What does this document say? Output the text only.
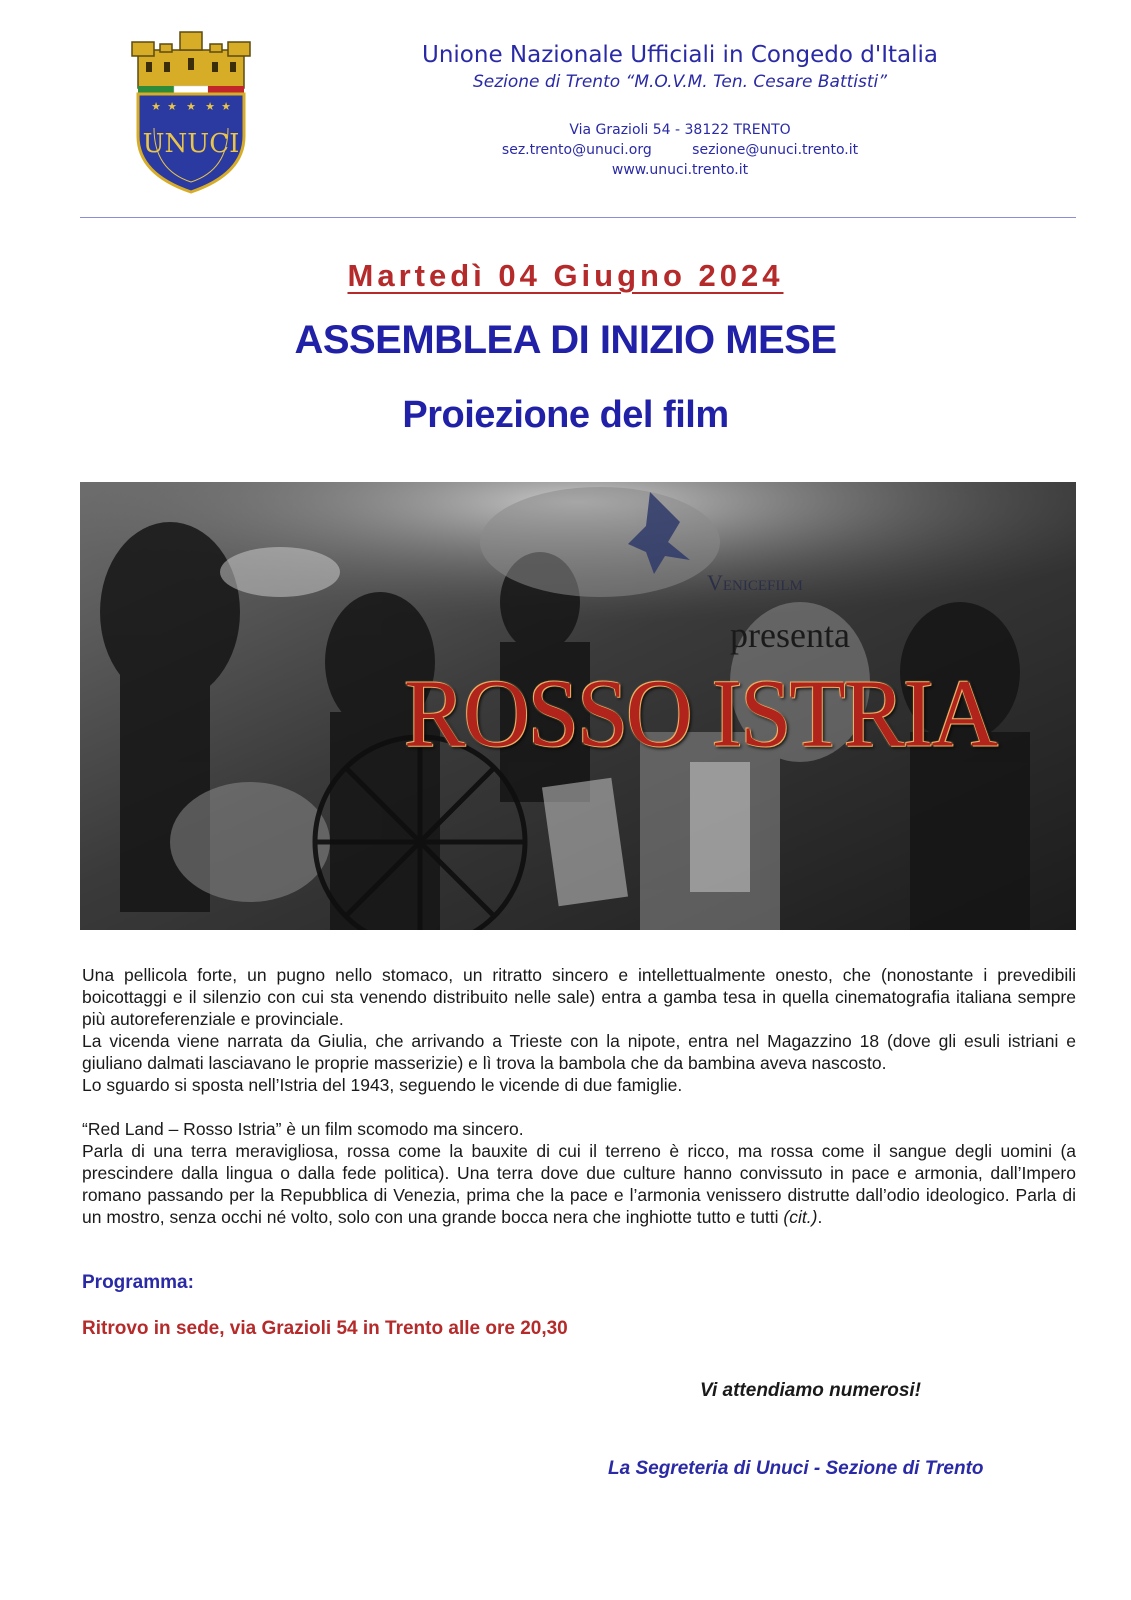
★ ★ ★ ★ ★
UNUCI
Unione Nazionale Ufficiali in Congedo d'Italia
Sezione di Trento “M.O.V.M. Ten. Cesare Battisti”
Via Grazioli 54 - 38122 TRENTO
sez.trento@unuci.org	sezione@unuci.trento.it
www.unuci.trento.it
Martedì 04 Giugno 2024
ASSEMBLEA DI INIZIO MESE
Proiezione del film
Venicefilm
presenta
ROSSO ISTRIA

Una pellicola forte, un pugno nello stomaco, un ritratto sincero e intellettualmente onesto, che (nonostante i prevedibili boicottaggi e il silenzio con cui sta venendo distribuito nelle sale) entra a gamba tesa in quella cinematografia italiana sempre più autoreferenziale e provinciale.

La vicenda viene narrata da Giulia, che arrivando a Trieste con la nipote, entra nel Magazzino 18 (dove gli esuli istriani e giuliano dalmati lasciavano le proprie masserizie) e lì trova la bambola che da bambina aveva nascosto.

Lo sguardo si sposta nell’Istria del 1943, seguendo le vicende di due famiglie.

“Red Land – Rosso Istria” è un film scomodo ma sincero.

Parla di una terra meravigliosa, rossa come la bauxite di cui il terreno è ricco, ma rossa come il sangue degli uomini (a prescindere dalla lingua o dalla fede politica). Una terra dove due culture hanno convissuto in pace e armonia, dall’Impero romano passando per la Repubblica di Venezia, prima che la pace e l’armonia venissero distrutte dall’odio ideologico. Parla di un mostro, senza occhi né volto, solo con una grande bocca nera che inghiotte tutto e tutti (cit.).

Programma:
Ritrovo in sede, via Grazioli 54 in Trento alle ore 20,30
Vi attendiamo numerosi!
La Segreteria di Unuci - Sezione di Trento
